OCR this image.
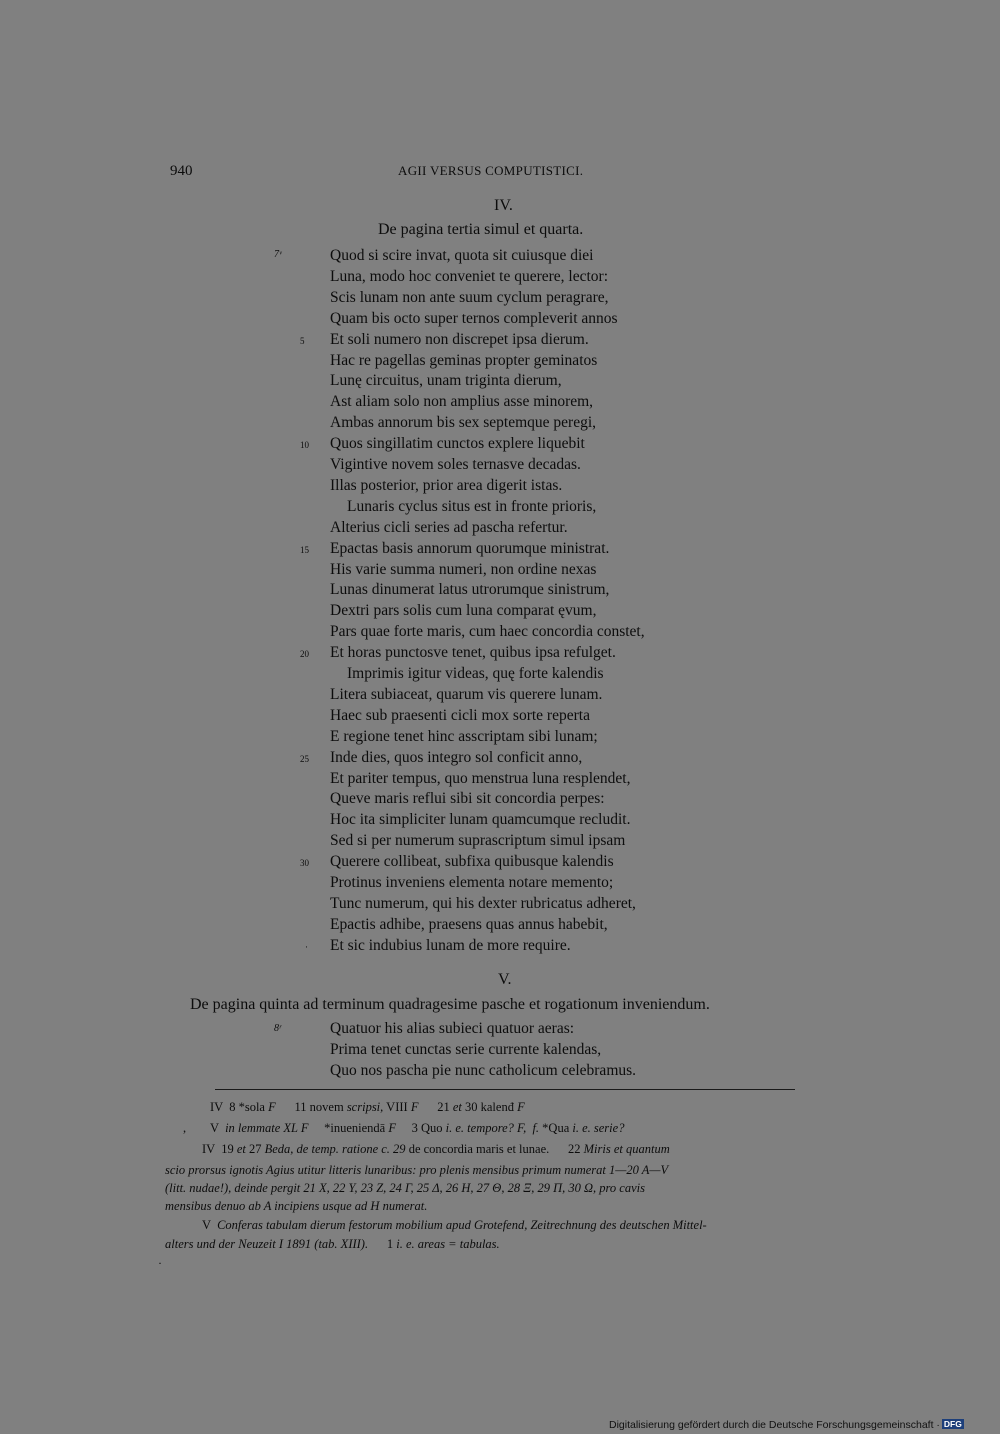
940	AGII VERSUS COMPUTISTICI.
IV.
De pagina tertia simul et quarta.
7ᵛ	Quod si scire invat, quota sit cuiusque diei
Luna, modo hoc conveniet te querere, lector:
Scis lunam non ante suum cyclum peragrare,
Quam bis octo super ternos compleverit annos
Et soli numero non discrepet ipsa dierum.
5
Hac re pagellas geminas propter geminatos
Lunę circuitus, unam triginta dierum,
Ast aliam solo non amplius asse minorem,
Ambas annorum bis sex septemque peregi,
Quos singillatim cunctos explere liquebit
10
Vigintive novem soles ternasve decadas.
Illas posterior, prior area digerit istas.
Lunaris cyclus situs est in fronte prioris,
Alterius cicli series ad pascha refertur.
Epactas basis annorum quorumque ministrat.
15
His varie summa numeri, non ordine nexas
Lunas dinumerat latus utrorumque sinistrum,
Dextri pars solis cum luna comparat ęvum,
Pars quae forte maris, cum haec concordia constet,
Et horas punctosve tenet, quibus ipsa refulget.
20
Imprimis igitur videas, quę forte kalendis
Litera subiaceat, quarum vis querere lunam.
Haec sub praesenti cicli mox sorte reperta
E regione tenet hinc asscriptam sibi lunam;
Inde dies, quos integro sol conficit anno,
25
Et pariter tempus, quo menstrua luna resplendet,
Queve maris reflui sibi sit concordia perpes:
Hoc ita simpliciter lunam quamcumque recludit.
Sed si per numerum suprascriptum simul ipsam
Querere collibeat, subfixa quibusque kalendis
30
Protinus inveniens elementa notare memento;
Tunc numerum, qui his dexter rubricatus adheret,
Epactis adhibe, praesens quas annus habebit,
Et sic indubius lunam de more require.
·
V.
De pagina quinta ad terminum quadragesime pasche et rogationum inveniendum.
8ʳ	Quatuor his alias subieci quatuor aeras:
Prima tenet cunctas serie currente kalendas,
Quo nos pascha pie nunc catholicum celebramus.
IV  8 *sola F      11 novem scripsi, VIII F      21 et 30 kalenđ F
V  in lemmate XL F     *inueniendā F     3 Quo i. e. tempore? F,  f. *Qua i. e. serie?
IV  19 et 27 Beda, de temp. ratione c. 29 de concordia maris et lunae.      22 Miris et quantum
scio prorsus ignotis Agius utitur litteris lunaribus: pro plenis mensibus primum numerat 1—20 A—V
(litt. nudae!), deinde pergit 21 X, 22 Y, 23 Z, 24 Γ, 25 Δ, 26 H, 27 Θ, 28 Ξ, 29 Π, 30 Ω, pro cavis
mensibus denuo ab A incipiens usque ad H numerat.
V  Conferas tabulam dierum festorum mobilium apud Grotefend, Zeitrechnung des deutschen Mittel-
alters und der Neuzeit I 1891 (tab. XIII).      1 i. e. areas = tabulas.
,
·
Digitalisierung gefördert durch die Deutsche Forschungsgemeinschaft · DFG
